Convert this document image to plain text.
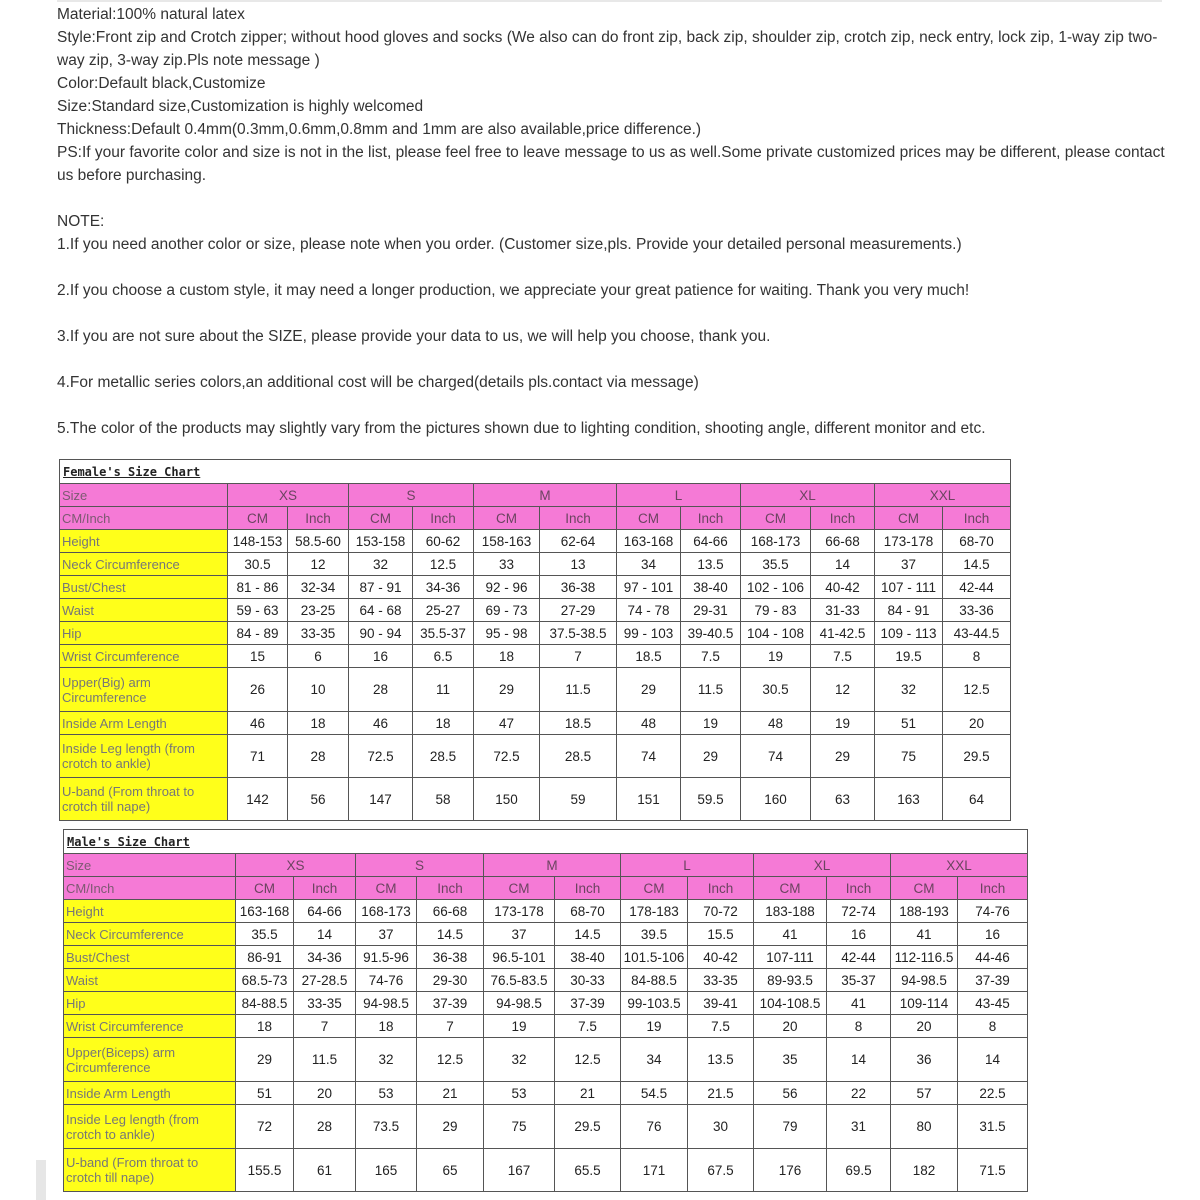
Material:100% natural latex

Style:Front zip and Crotch zipper; without hood gloves and socks (We also can do front zip, back zip, shoulder zip, crotch zip, neck entry, lock zip, 1-way zip two-way zip, 3-way zip.Pls note message )

Color:Default black,Customize

Size:Standard size,Customization is highly welcomed

Thickness:Default 0.4mm(0.3mm,0.6mm,0.8mm and 1mm are also available,price difference.)

PS:If your favorite color and size is not in the list, please feel free to leave message to us as well.Some private customized prices may be different, please contact us before purchasing.

NOTE:

1.If you need another color or size, please note when you order. (Customer size,pls. Provide your detailed personal measurements.)

2.If you choose a custom style, it may need a longer production, we appreciate your great patience for waiting. Thank you very much!

3.If you are not sure about the SIZE, please provide your data to us, we will help you choose, thank you.

4.For metallic series colors,an additional cost will be charged(details pls.contact via message)

5.The color of the products may slightly vary from the pictures shown due to lighting condition, shooting angle, different monitor and etc.

Female's Size Chart												
Size	XS		S		M		L		XL		XXL	
CM/Inch	CM	Inch	CM	Inch	CM	Inch	CM	Inch	CM	Inch	CM	Inch
Height	148-153	58.5-60	153-158	60-62	158-163	62-64	163-168	64-66	168-173	66-68	173-178	68-70
Neck Circumference	30.5	12	32	12.5	33	13	34	13.5	35.5	14	37	14.5
Bust/Chest	81 - 86	32-34	87 - 91	34-36	92 - 96	36-38	97 - 101	38-40	102 - 106	40-42	107 - 111	42-44
Waist	59 - 63	23-25	64 - 68	25-27	69 - 73	27-29	74 - 78	29-31	79 - 83	31-33	84 - 91	33-36
Hip	84 - 89	33-35	90 - 94	35.5-37	95 - 98	37.5-38.5	99 - 103	39-40.5	104 - 108	41-42.5	109 - 113	43-44.5
Wrist Circumference	15	6	16	6.5	18	7	18.5	7.5	19	7.5	19.5	8
Upper(Big) arm Circumference	26	10	28	11	29	11.5	29	11.5	30.5	12	32	12.5
Inside Arm Length	46	18	46	18	47	18.5	48	19	48	19	51	20
Inside Leg length (from crotch to ankle)	71	28	72.5	28.5	72.5	28.5	74	29	74	29	75	29.5
U-band (From throat to crotch till nape)	142	56	147	58	150	59	151	59.5	160	63	163	64
Male's Size Chart												
Size	XS		S		M		L		XL		XXL	
CM/Inch	CM	Inch	CM	Inch	CM	Inch	CM	Inch	CM	Inch	CM	Inch
Height	163-168	64-66	168-173	66-68	173-178	68-70	178-183	70-72	183-188	72-74	188-193	74-76
Neck Circumference	35.5	14	37	14.5	37	14.5	39.5	15.5	41	16	41	16
Bust/Chest	86-91	34-36	91.5-96	36-38	96.5-101	38-40	101.5-106	40-42	107-111	42-44	112-116.5	44-46
Waist	68.5-73	27-28.5	74-76	29-30	76.5-83.5	30-33	84-88.5	33-35	89-93.5	35-37	94-98.5	37-39
Hip	84-88.5	33-35	94-98.5	37-39	94-98.5	37-39	99-103.5	39-41	104-108.5	41	109-114	43-45
Wrist Circumference	18	7	18	7	19	7.5	19	7.5	20	8	20	8
Upper(Biceps) arm Circumference	29	11.5	32	12.5	32	12.5	34	13.5	35	14	36	14
Inside Arm Length	51	20	53	21	53	21	54.5	21.5	56	22	57	22.5
Inside Leg length (from crotch to ankle)	72	28	73.5	29	75	29.5	76	30	79	31	80	31.5
U-band (From throat to crotch till nape)	155.5	61	165	65	167	65.5	171	67.5	176	69.5	182	71.5
